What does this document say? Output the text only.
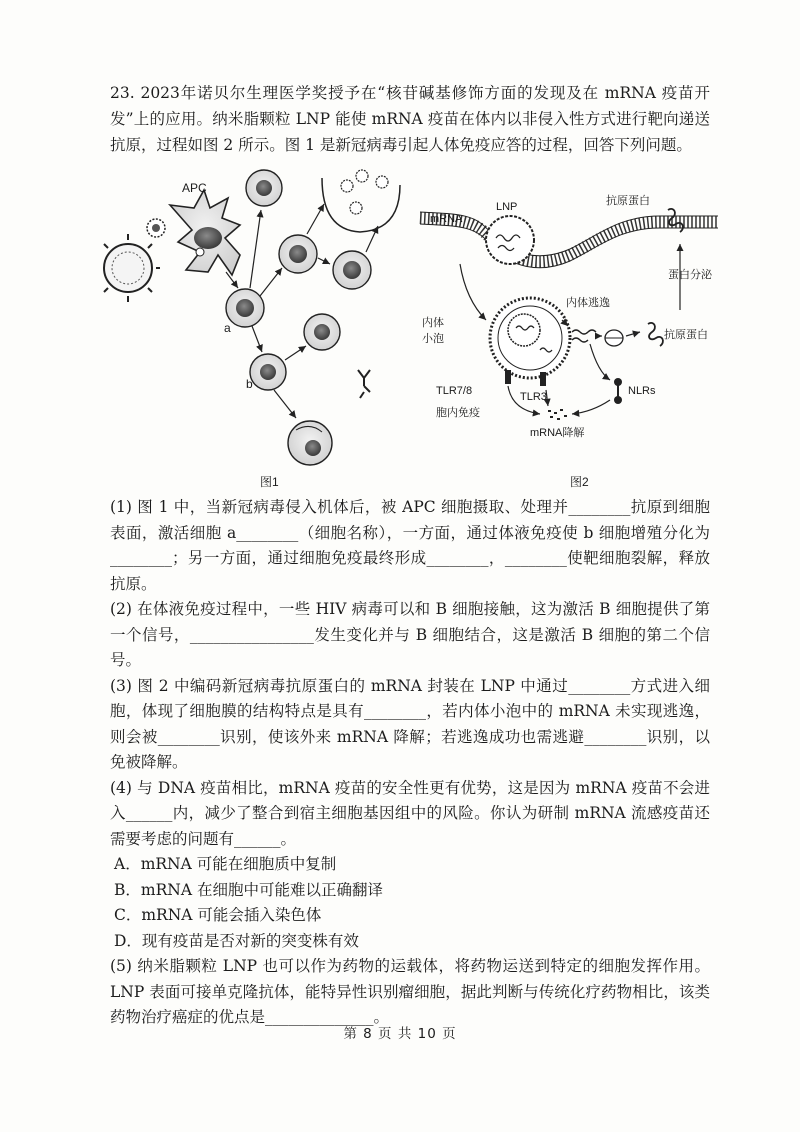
23. 2023年诺贝尔生理医学奖授予在“核苷碱基修饰方面的发现及在 mRNA 疫苗开发”上的应用。纳米脂颗粒 LNP 能使 mRNA 疫苗在体内以非侵入性方式进行靶向递送抗原，过程如图 2 所示。图 1 是新冠病毒引起人体免疫应答的过程，回答下列问题。

APC
a
b
图1
mRNA
LNP
内体
小泡
TLR7/8	TLR3
内体逃逸
抗原蛋白
蛋白分泌
抗原蛋白
NLRs
胞内免疫
mRNA降解
图2

(1) 图 1 中，当新冠病毒侵入机体后，被 APC 细胞摄取、处理并________抗原到细胞表面，激活细胞 a________（细胞名称），一方面，通过体液免疫使 b 细胞增殖分化为________；另一方面，通过细胞免疫最终形成________，________使靶细胞裂解，释放抗原。

(2) 在体液免疫过程中，一些 HIV 病毒可以和 B 细胞接触，这为激活 B 细胞提供了第一个信号，________________发生变化并与 B 细胞结合，这是激活 B 细胞的第二个信号。

(3) 图 2 中编码新冠病毒抗原蛋白的 mRNA 封装在 LNP 中通过________方式进入细胞，体现了细胞膜的结构特点是具有________，若内体小泡中的 mRNA 未实现逃逸，则会被________识别，使该外来 mRNA 降解；若逃逸成功也需逃避________识别，以免被降解。

(4) 与 DNA 疫苗相比，mRNA 疫苗的安全性更有优势，这是因为 mRNA 疫苗不会进入______内，减少了整合到宿主细胞基因组中的风险。你认为研制 mRNA 流感疫苗还需要考虑的问题有______。

A．mRNA 可能在细胞质中复制

B．mRNA 在细胞中可能难以正确翻译

C．mRNA 可能会插入染色体

D．现有疫苗是否对新的突变株有效

(5) 纳米脂颗粒 LNP 也可以作为药物的运载体，将药物运送到特定的细胞发挥作用。LNP 表面可接单克隆抗体，能特异性识别瘤细胞，据此判断与传统化疗药物相比，该类药物治疗癌症的优点是______________。

第 8 页 共 10 页
